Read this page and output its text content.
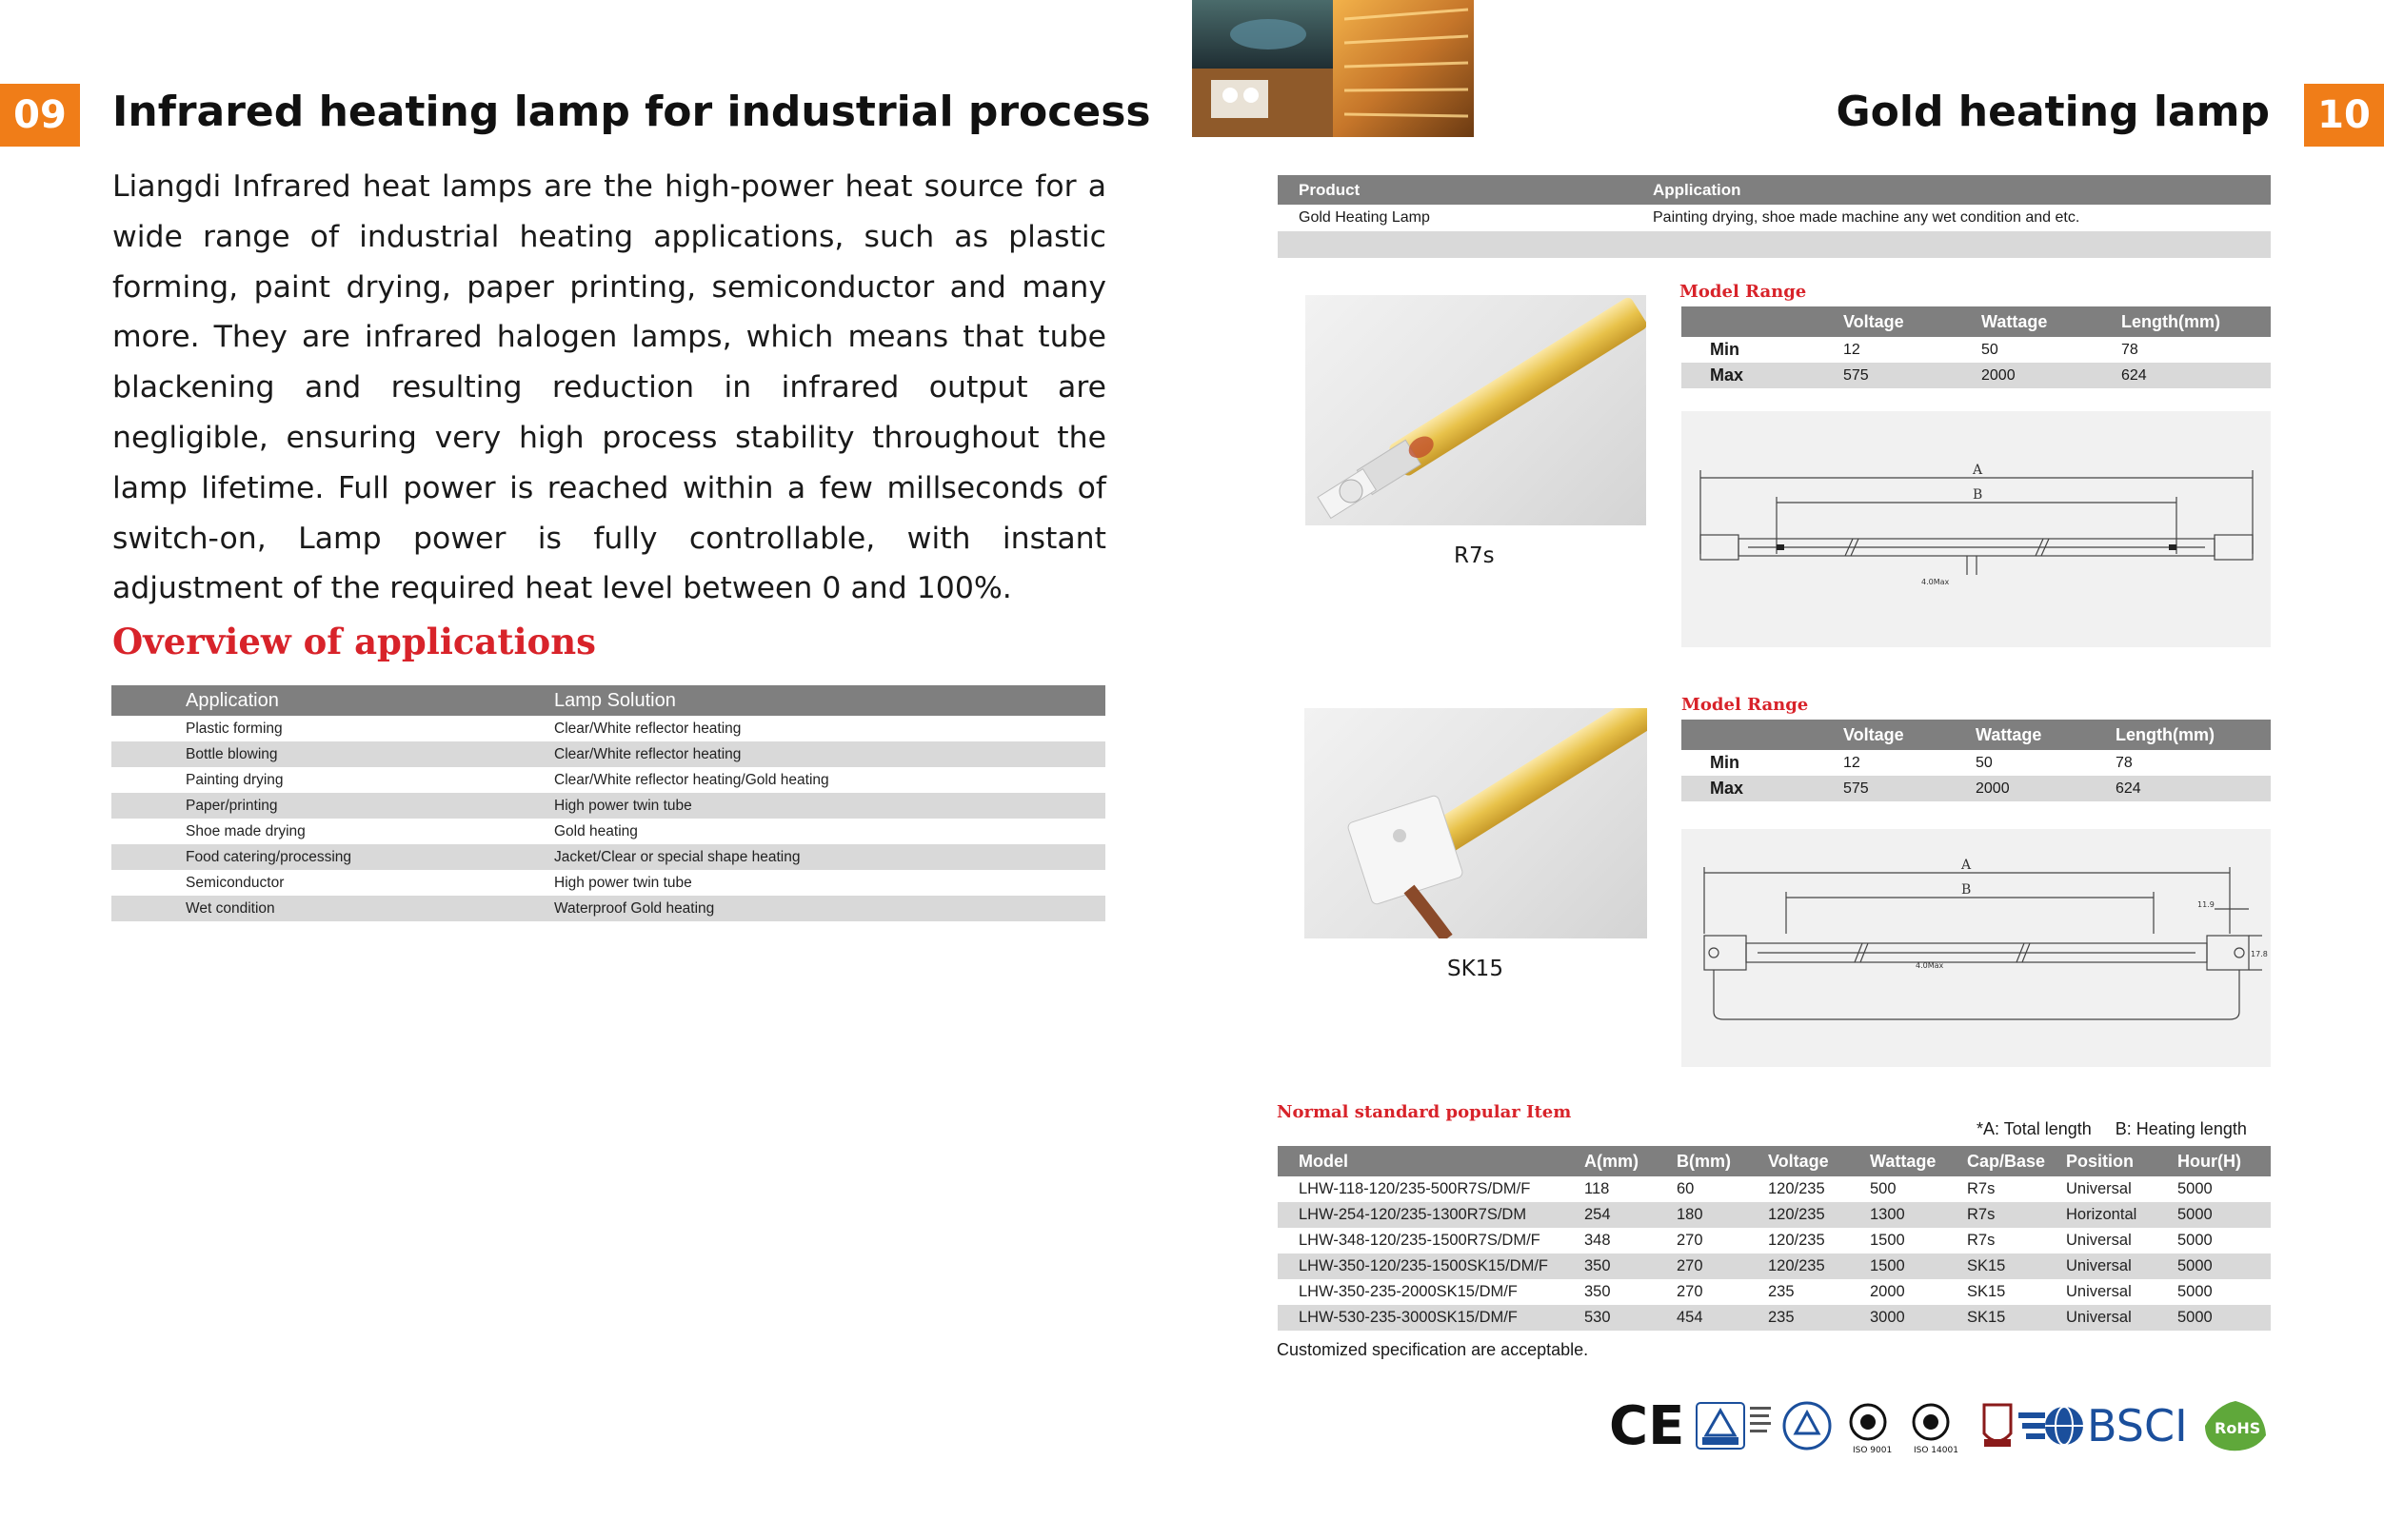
09	Infrared heating lamp for industrial process

Liangdi Infrared heat lamps are the high-power heat source for a wide range of industrial heating applications, such as plastic forming, paint drying, paper printing, semiconductor and many more. They are infrared halogen lamps, which means that tube blackening and resulting reduction in infrared output are negligible, ensuring very high process stability throughout the lamp lifetime. Full power is reached within a few millseconds of switch-on, Lamp power is fully controllable, with instant adjustment of the required heat level between 0 and 100%.

Overview of applications
Application	Lamp Solution
Plastic forming	Clear/White reflector heating
Bottle blowing	Clear/White reflector heating
Painting drying	Clear/White reflector heating/Gold heating
Paper/printing	High power twin tube
Shoe made drying	Gold heating
Food catering/processing	Jacket/Clear or special shape heating
Semiconductor	High power twin tube
Wet condition	Waterproof Gold heating
Gold heating lamp	10
Product	Application
Gold Heating Lamp	Painting drying, shoe made machine any wet condition and etc.

R7s
Model Range
	Voltage	Wattage	Length(mm)
Min	12	50	78
Max	575	2000	624
A
B
4.0Max
SK15
Model Range
	Voltage	Wattage	Length(mm)
Min	12	50	78
Max	575	2000	624
A
B
4.0Max
11.9
17.8
Normal standard popular Item
*A: Total length     B: Heating length
Model	A(mm)	B(mm)	Voltage	Wattage	Cap/Base	Position	Hour(H)
LHW-118-120/235-500R7S/DM/F	118	60	120/235	500	R7s	Universal	5000
LHW-254-120/235-1300R7S/DM	254	180	120/235	1300	R7s	Horizontal	5000
LHW-348-120/235-1500R7S/DM/F	348	270	120/235	1500	R7s	Universal	5000
LHW-350-120/235-1500SK15/DM/F	350	270	120/235	1500	SK15	Universal	5000
LHW-350-235-2000SK15/DM/F	350	270	235	2000	SK15	Universal	5000
LHW-530-235-3000SK15/DM/F	530	454	235	3000	SK15	Universal	5000
Customized specification are acceptable.
CE	ISO 9001	ISO 14001	BSCI RoHS
